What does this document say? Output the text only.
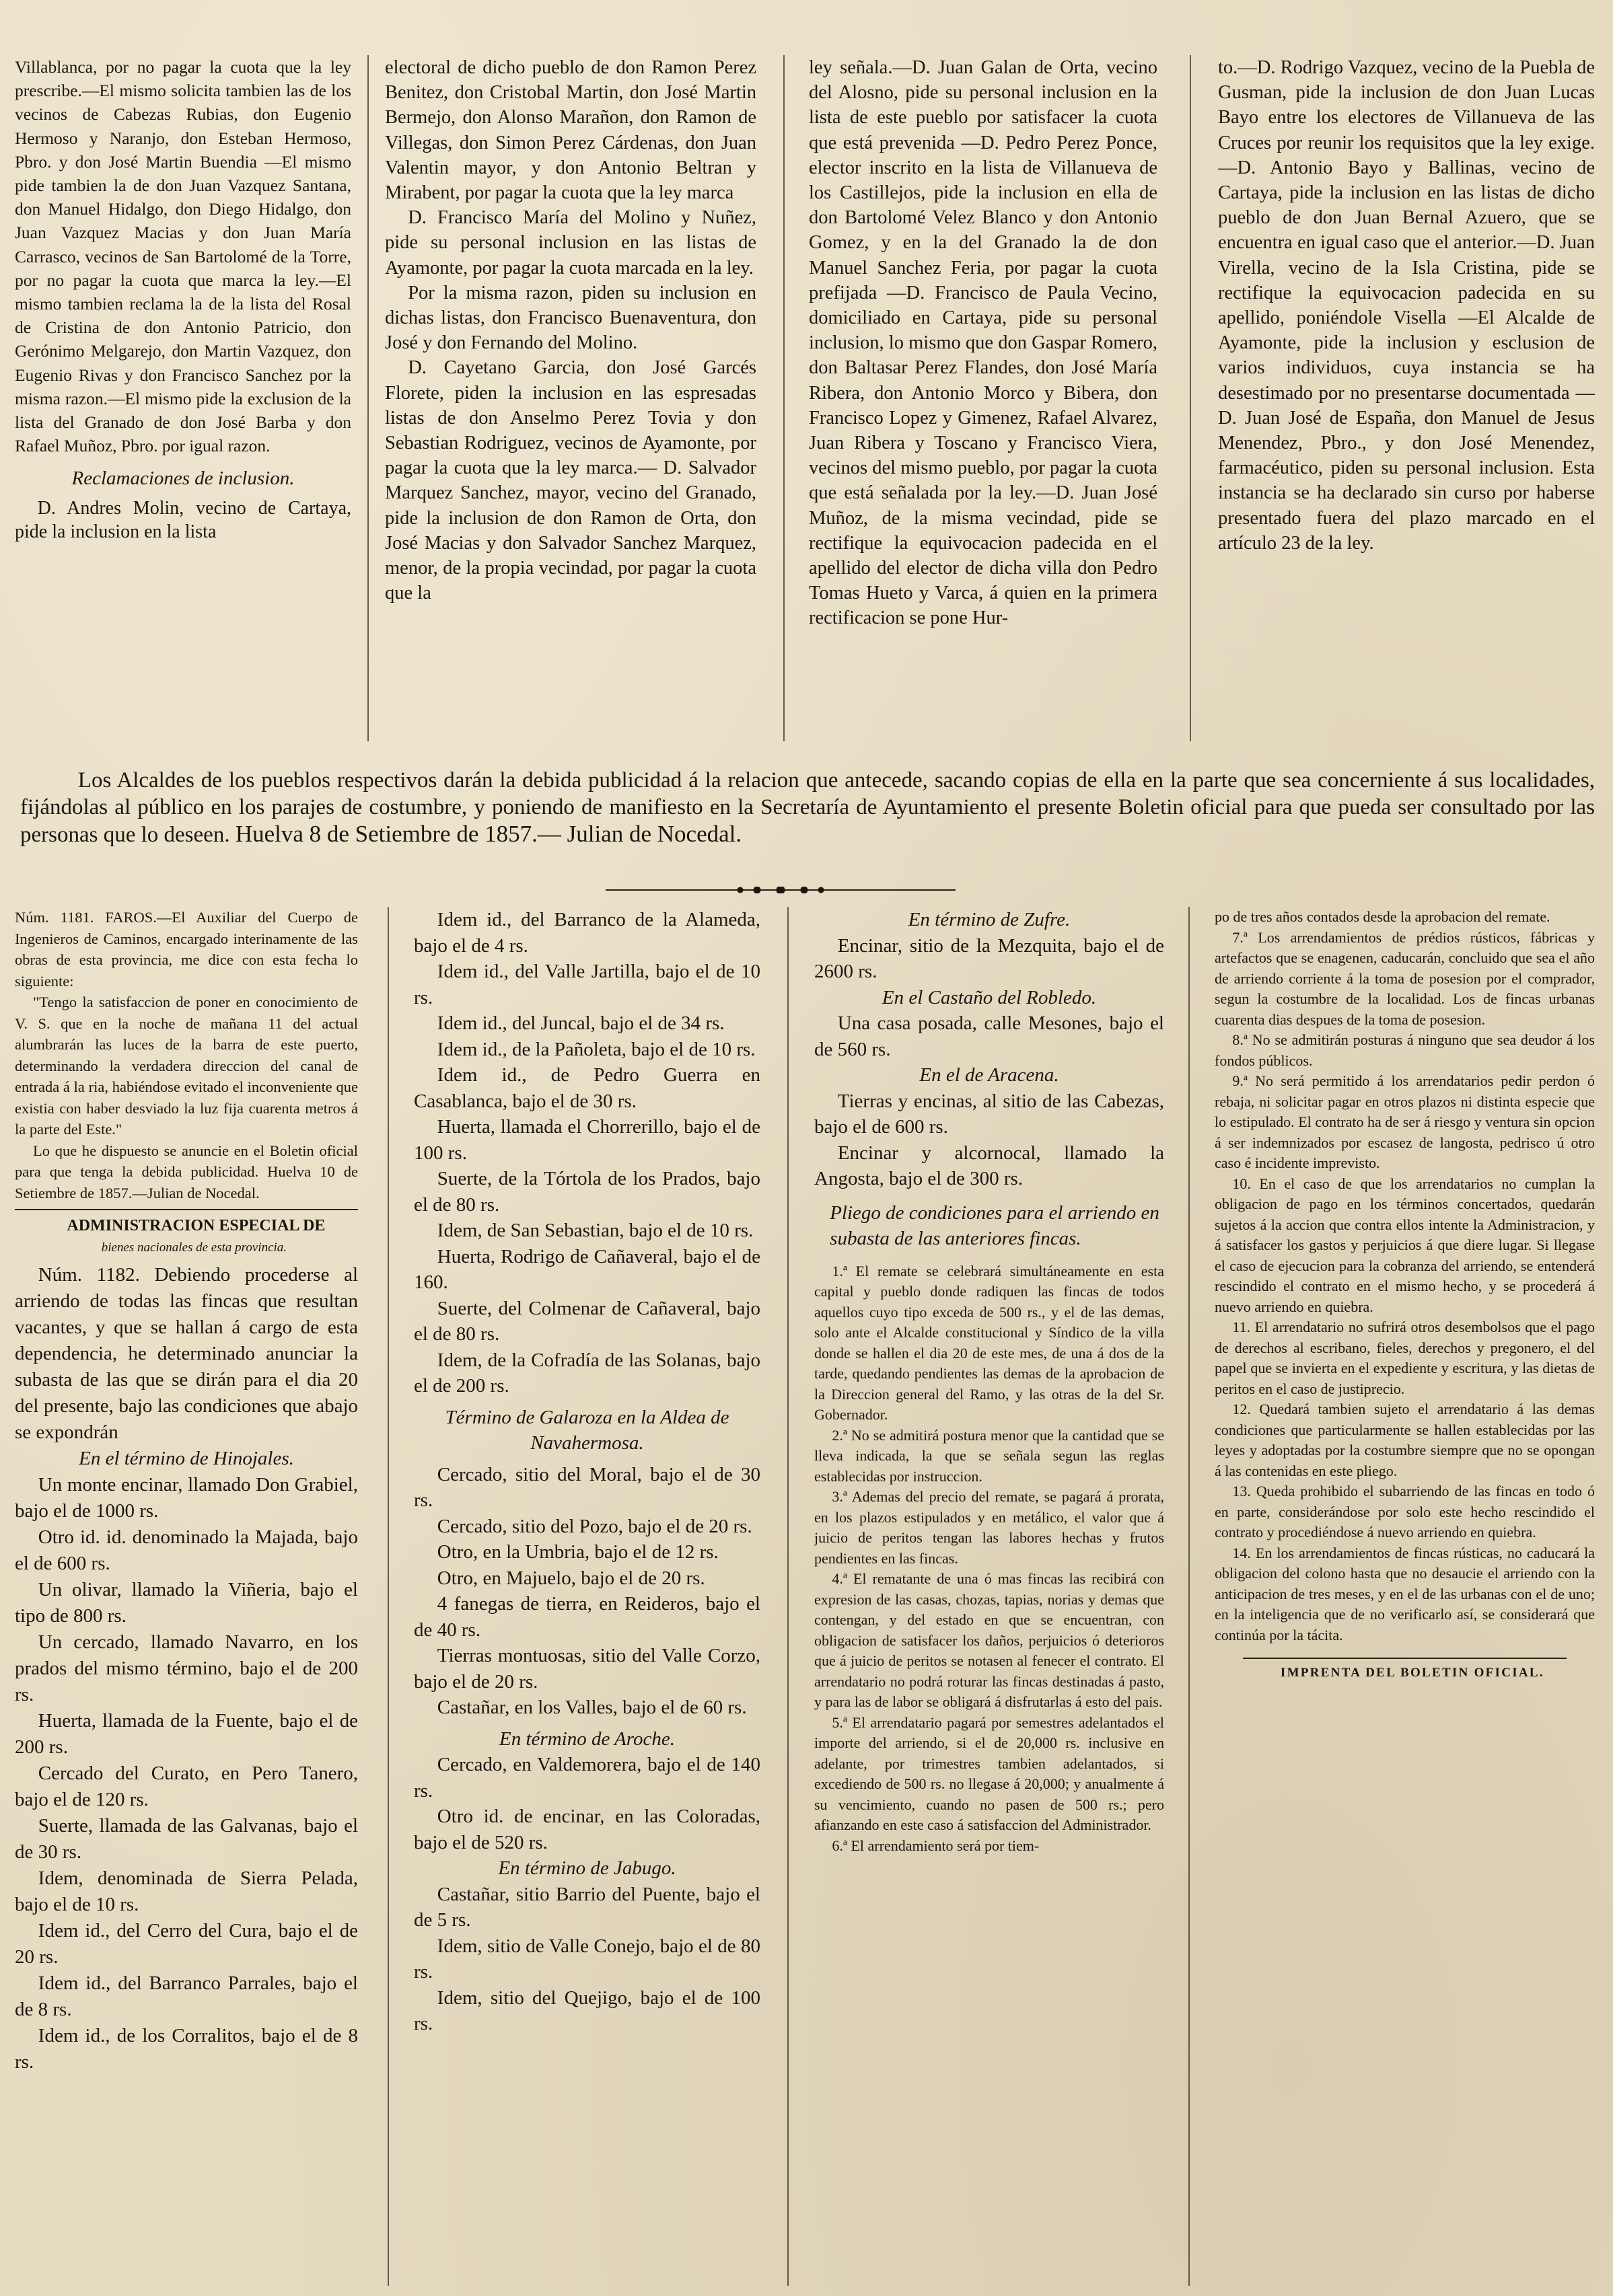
Villablanca, por no pagar la cuota que la ley prescribe.—El mismo solicita tambien las de los vecinos de Cabezas Rubias, don Eugenio Hermoso y Naranjo, don Esteban Hermoso, Pbro. y don José Martin Buendia —El mismo pide tambien la de don Juan Vazquez Santana, don Manuel Hidalgo, don Diego Hidalgo, don Juan Vazquez Macias y don Juan María Carrasco, vecinos de San Bartolomé de la Torre, por no pagar la cuota que marca la ley.—El mismo tambien reclama la de la lista del Rosal de Cristina de don Antonio Patricio, don Gerónimo Melgarejo, don Martin Vazquez, don Eugenio Rivas y don Francisco Sanchez por la misma razon.—El mismo pide la exclusion de la lista del Granado de don José Barba y don Rafael Muñoz, Pbro. por igual razon.

Reclamaciones de inclusion.

D. Andres Molin, vecino de Cartaya, pide la inclusion en la lista

electoral de dicho pueblo de don Ramon Perez Benitez, don Cristobal Martin, don José Martin Bermejo, don Alonso Marañon, don Ramon de Villegas, don Simon Perez Cárdenas, don Juan Valentin mayor, y don Antonio Beltran y Mirabent, por pagar la cuota que la ley marca

D. Francisco María del Molino y Nuñez, pide su personal inclusion en las listas de Ayamonte, por pagar la cuota marcada en la ley.

Por la misma razon, piden su inclusion en dichas listas, don Francisco Buenaventura, don José y don Fernando del Molino.

D. Cayetano Garcia, don José Garcés Florete, piden la inclusion en las espresadas listas de don Anselmo Perez Tovia y don Sebastian Rodriguez, vecinos de Ayamonte, por pagar la cuota que la ley marca.— D. Salvador Marquez Sanchez, mayor, vecino del Granado, pide la inclusion de don Ramon de Orta, don José Macias y don Salvador Sanchez Marquez, menor, de la propia vecindad, por pagar la cuota que la

ley señala.—D. Juan Galan de Orta, vecino del Alosno, pide su personal inclusion en la lista de este pueblo por satisfacer la cuota que está prevenida —D. Pedro Perez Ponce, elector inscrito en la lista de Villanueva de los Castillejos, pide la inclusion en ella de don Bartolomé Velez Blanco y don Antonio Gomez, y en la del Granado la de don Manuel Sanchez Feria, por pagar la cuota prefijada —D. Francisco de Paula Vecino, domiciliado en Cartaya, pide su personal inclusion, lo mismo que don Gaspar Romero, don Baltasar Perez Flandes, don José María Ribera, don Antonio Morco y Bibera, don Francisco Lopez y Gimenez, Rafael Alvarez, Juan Ribera y Toscano y Francisco Viera, vecinos del mismo pueblo, por pagar la cuota que está señalada por la ley.—D. Juan José Muñoz, de la misma vecindad, pide se rectifique la equivocacion padecida en el apellido del elector de dicha villa don Pedro Tomas Hueto y Varca, á quien en la primera rectificacion se pone Hur-

to.—D. Rodrigo Vazquez, vecino de la Puebla de Gusman, pide la inclusion de don Juan Lucas Bayo entre los electores de Villanueva de las Cruces por reunir los requisitos que la ley exige.—D. Antonio Bayo y Ballinas, vecino de Cartaya, pide la inclusion en las listas de dicho pueblo de don Juan Bernal Azuero, que se encuentra en igual caso que el anterior.—D. Juan Virella, vecino de la Isla Cristina, pide se rectifique la equivocacion padecida en su apellido, poniéndole Visella —El Alcalde de Ayamonte, pide la inclusion y esclusion de varios individuos, cuya instancia se ha desestimado por no presentarse documentada —D. Juan José de España, don Manuel de Jesus Menendez, Pbro., y don José Menendez, farmacéutico, piden su personal inclusion. Esta instancia se ha declarado sin curso por haberse presentado fuera del plazo marcado en el artículo 23 de la ley.

Los Alcaldes de los pueblos respectivos darán la debida publicidad á la relacion que antecede, sacando copias de ella en la parte que sea concerniente á sus localidades, fijándolas al público en los parajes de costumbre, y poniendo de manifiesto en la Secretaría de Ayuntamiento el presente Boletin oficial para que pueda ser consultado por las personas que lo deseen. Huelva 8 de Setiembre de 1857.— Julian de Nocedal.

Núm. 1181. FAROS.—El Auxiliar del Cuerpo de Ingenieros de Caminos, encargado interinamente de las obras de esta provincia, me dice con esta fecha lo siguiente:

"Tengo la satisfaccion de poner en conocimiento de V. S. que en la noche de mañana 11 del actual alumbrarán las luces de la barra de este puerto, determinando la verdadera direccion del canal de entrada á la ria, habiéndose evitado el inconveniente que existia con haber desviado la luz fija cuarenta metros á la parte del Este."

Lo que he dispuesto se anuncie en el Boletin oficial para que tenga la debida publicidad. Huelva 10 de Setiembre de 1857.—Julian de Nocedal.

ADMINISTRACION ESPECIAL DE

bienes nacionales de esta provincia.

Núm. 1182. Debiendo procederse al arriendo de todas las fincas que resultan vacantes, y que se hallan á cargo de esta dependencia, he determinado anunciar la subasta de las que se dirán para el dia 20 del presente, bajo las condiciones que abajo se expondrán

En el término de Hinojales.

Un monte encinar, llamado Don Grabiel, bajo el de 1000 rs.

Otro id. id. denominado la Majada, bajo el de 600 rs.

Un olivar, llamado la Viñeria, bajo el tipo de 800 rs.

Un cercado, llamado Navarro, en los prados del mismo término, bajo el de 200 rs.

Huerta, llamada de la Fuente, bajo el de 200 rs.

Cercado del Curato, en Pero Tanero, bajo el de 120 rs.

Suerte, llamada de las Galvanas, bajo el de 30 rs.

Idem, denominada de Sierra Pelada, bajo el de 10 rs.

Idem id., del Cerro del Cura, bajo el de 20 rs.

Idem id., del Barranco Parrales, bajo el de 8 rs.

Idem id., de los Corralitos, bajo el de 8 rs.

Idem id., del Barranco de la Alameda, bajo el de 4 rs.

Idem id., del Valle Jartilla, bajo el de 10 rs.

Idem id., del Juncal, bajo el de 34 rs.

Idem id., de la Pañoleta, bajo el de 10 rs.

Idem id., de Pedro Guerra en Casablanca, bajo el de 30 rs.

Huerta, llamada el Chorrerillo, bajo el de 100 rs.

Suerte, de la Tórtola de los Prados, bajo el de 80 rs.

Idem, de San Sebastian, bajo el de 10 rs.

Huerta, Rodrigo de Cañaveral, bajo el de 160.

Suerte, del Colmenar de Cañaveral, bajo el de 80 rs.

Idem, de la Cofradía de las Solanas, bajo el de 200 rs.

Término de Galaroza en la Aldea de Navahermosa.

Cercado, sitio del Moral, bajo el de 30 rs.

Cercado, sitio del Pozo, bajo el de 20 rs.

Otro, en la Umbria, bajo el de 12 rs.

Otro, en Majuelo, bajo el de 20 rs.

4 fanegas de tierra, en Reideros, bajo el de 40 rs.

Tierras montuosas, sitio del Valle Corzo, bajo el de 20 rs.

Castañar, en los Valles, bajo el de 60 rs.

En término de Aroche.

Cercado, en Valdemorera, bajo el de 140 rs.

Otro id. de encinar, en las Coloradas, bajo el de 520 rs.

En término de Jabugo.

Castañar, sitio Barrio del Puente, bajo el de 5 rs.

Idem, sitio de Valle Conejo, bajo el de 80 rs.

Idem, sitio del Quejigo, bajo el de 100 rs.

En término de Zufre.

Encinar, sitio de la Mezquita, bajo el de 2600 rs.

En el Castaño del Robledo.

Una casa posada, calle Mesones, bajo el de 560 rs.

En el de Aracena.

Tierras y encinas, al sitio de las Cabezas, bajo el de 600 rs.

Encinar y alcornocal, llamado la Angosta, bajo el de 300 rs.

Pliego de condiciones para el arriendo en subasta de las anteriores fincas.

1.ª El remate se celebrará simultáneamente en esta capital y pueblo donde radiquen las fincas de todos aquellos cuyo tipo exceda de 500 rs., y el de las demas, solo ante el Alcalde constitucional y Síndico de la villa donde se hallen el dia 20 de este mes, de una á dos de la tarde, quedando pendientes las demas de la aprobacion de la Direccion general del Ramo, y las otras de la del Sr. Gobernador.

2.ª No se admitirá postura menor que la cantidad que se lleva indicada, la que se señala segun las reglas establecidas por instruccion.

3.ª Ademas del precio del remate, se pagará á prorata, en los plazos estipulados y en metálico, el valor que á juicio de peritos tengan las labores hechas y frutos pendientes en las fincas.

4.ª El rematante de una ó mas fincas las recibirá con expresion de las casas, chozas, tapias, norias y demas que contengan, y del estado en que se encuentran, con obligacion de satisfacer los daños, perjuicios ó deterioros que á juicio de peritos se notasen al fenecer el contrato. El arrendatario no podrá roturar las fincas destinadas á pasto, y para las de labor se obligará á disfrutarlas á esto del pais.

5.ª El arrendatario pagará por semestres adelantados el importe del arriendo, si el de 20,000 rs. inclusive en adelante, por trimestres tambien adelantados, si excediendo de 500 rs. no llegase á 20,000; y anualmente á su vencimiento, cuando no pasen de 500 rs.; pero afianzando en este caso á satisfaccion del Administrador.

6.ª El arrendamiento será por tiem-

po de tres años contados desde la aprobacion del remate.

7.ª Los arrendamientos de prédios rústicos, fábricas y artefactos que se enagenen, caducarán, concluido que sea el año de arriendo corriente á la toma de posesion por el comprador, segun la costumbre de la localidad. Los de fincas urbanas cuarenta dias despues de la toma de posesion.

8.ª No se admitirán posturas á ninguno que sea deudor á los fondos públicos.

9.ª No será permitido á los arrendatarios pedir perdon ó rebaja, ni solicitar pagar en otros plazos ni distinta especie que lo estipulado. El contrato ha de ser á riesgo y ventura sin opcion á ser indemnizados por escasez de langosta, pedrisco ú otro caso é incidente imprevisto.

10. En el caso de que los arrendatarios no cumplan la obligacion de pago en los términos concertados, quedarán sujetos á la accion que contra ellos intente la Administracion, y á satisfacer los gastos y perjuicios á que diere lugar. Si llegase el caso de ejecucion para la cobranza del arriendo, se entenderá rescindido el contrato en el mismo hecho, y se procederá á nuevo arriendo en quiebra.

11. El arrendatario no sufrirá otros desembolsos que el pago de derechos al escribano, fieles, derechos y pregonero, el del papel que se invierta en el expediente y escritura, y las dietas de peritos en el caso de justiprecio.

12. Quedará tambien sujeto el arrendatario á las demas condiciones que particularmente se hallen establecidas por las leyes y adoptadas por la costumbre siempre que no se opongan á las contenidas en este pliego.

13. Queda prohibido el subarriendo de las fincas en todo ó en parte, considerándose por solo este hecho rescindido el contrato y procediéndose á nuevo arriendo en quiebra.

14. En los arrendamientos de fincas rústicas, no caducará la obligacion del colono hasta que no desaucie el arriendo con la anticipacion de tres meses, y en el de las urbanas con el de uno; en la inteligencia que de no verificarlo así, se considerará que continúa por la tácita.

IMPRENTA DEL BOLETIN OFICIAL.
